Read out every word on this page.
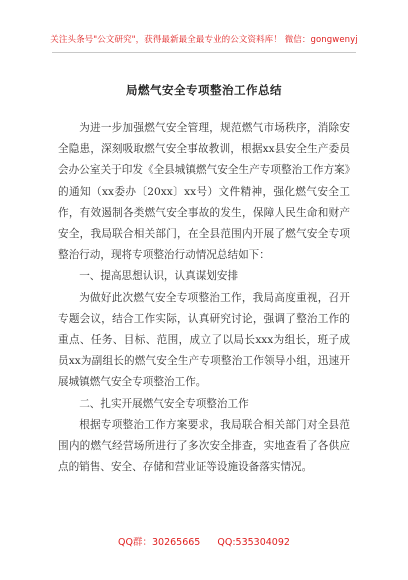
关注头条号"公文研究"，获得最新最全最专业的公文资料库！ 微信：gongwenyj
局燃气安全专项整治工作总结

为进一步加强燃气安全管理，规范燃气市场秩序，消除安全隐患，深刻吸取燃气安全事故教训，根据xx县安全生产委员会办公室关于印发《全县城镇燃气安全生产专项整治工作方案》的通知（xx委办〔20xx〕xx号）文件精神，强化燃气安全工作，有效遏制各类燃气安全事故的发生，保障人民生命和财产安全，我局联合相关部门，在全县范围内开展了燃气安全专项整治行动，现将专项整治行动情况总结如下：

一、提高思想认识，认真谋划安排

为做好此次燃气安全专项整治工作，我局高度重视，召开专题会议，结合工作实际，认真研究讨论，强调了整治工作的重点、任务、目标、范围，成立了以局长xxx为组长，班子成员xx为副组长的燃气安全生产专项整治工作领导小组，迅速开展城镇燃气安全专项整治工作。

二、扎实开展燃气安全专项整治工作

根据专项整治工作方案要求，我局联合相关部门对全县范围内的燃气经营场所进行了多次安全排查，实地查看了各供应点的销售、安全、存储和营业证等设施设备落实情况。

QQ群：30265665 QQ:535304092
